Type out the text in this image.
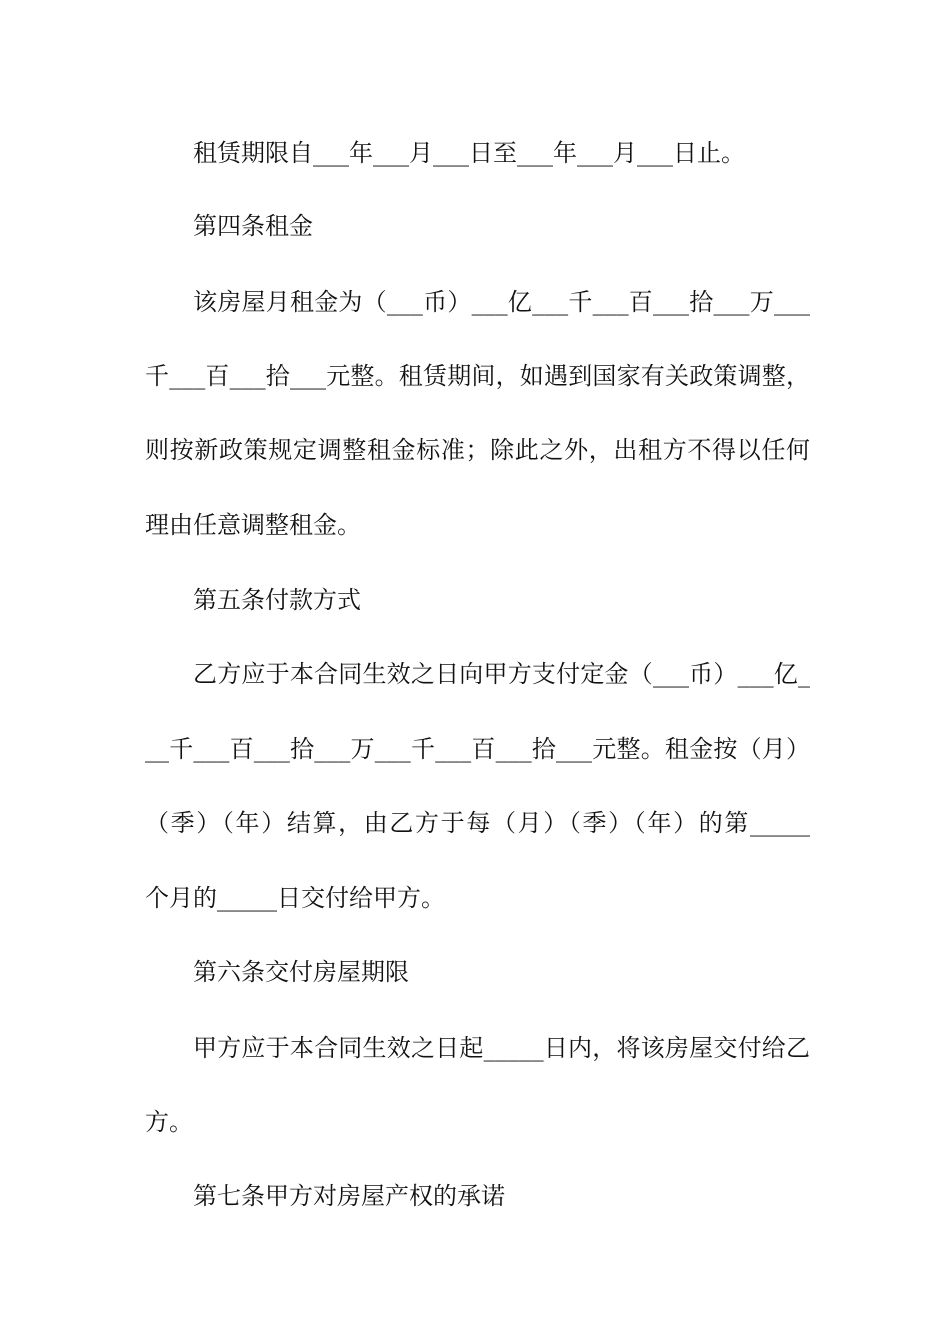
租赁期限自___年___月___日至___年___月___日止。
第四条租金
该房屋月租金为（___币）___亿___千___百___拾___万___
千___百___拾___元整。租赁期间，如遇到国家有关政策调整，
则按新政策规定调整租金标准；除此之外，出租方不得以任何
理由任意调整租金。
第五条付款方式
乙方应于本合同生效之日向甲方支付定金（___币）___亿_
__千___百___拾___万___千___百___拾___元整。租金按（月）
（季）（年）结算，由乙方于每（月）（季）（年）的第_____
个月的_____日交付给甲方。
第六条交付房屋期限
甲方应于本合同生效之日起_____日内，将该房屋交付给乙
方。
第七条甲方对房屋产权的承诺
